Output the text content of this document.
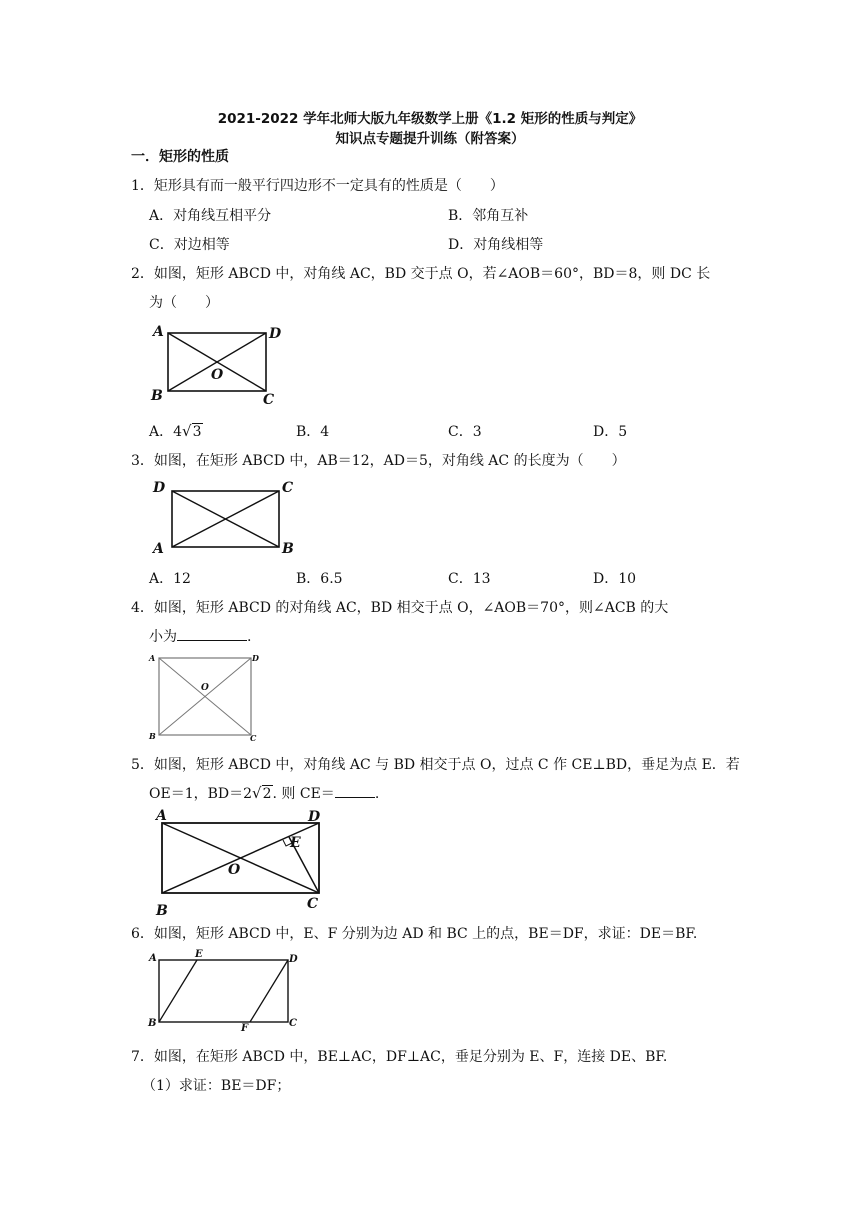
2021-2022 学年北师大版九年级数学上册《1.2 矩形的性质与判定》
知识点专题提升训练（附答案）
一．矩形的性质
1．矩形具有而一般平行四边形不一定具有的性质是（　　）
A．对角线互相平分	B．邻角互补
C．对边相等	D．对角线相等
2．如图，矩形 ABCD 中，对角线 AC，BD 交于点 O，若∠AOB＝60°，BD＝8，则 DC 长
为（　　）
A	D
B	C
O
A．4√3	B．4	C．3	D．5
3．如图，在矩形 ABCD 中，AB＝12，AD＝5，对角线 AC 的长度为（　　）
D	C
A	B
A．12	B．6.5	C．13	D．10
4．如图，矩形 ABCD 的对角线 AC，BD 相交于点 O，∠AOB＝70°，则∠ACB 的大
小为	.
A	D
O
B	C
5．如图，矩形 ABCD 中，对角线 AC 与 BD 相交于点 O，过点 C 作 CE⊥BD，垂足为点 E．若
OE＝1，BD＝2√2. 则 CE＝	.
A	D
E
O
B	C
6．如图，矩形 ABCD 中，E、F 分别为边 AD 和 BC 上的点，BE＝DF，求证：DE＝BF.
A	E	D
B	F	C
7．如图，在矩形 ABCD 中，BE⊥AC，DF⊥AC，垂足分别为 E、F，连接 DE、BF.
（1）求证：BE＝DF；
